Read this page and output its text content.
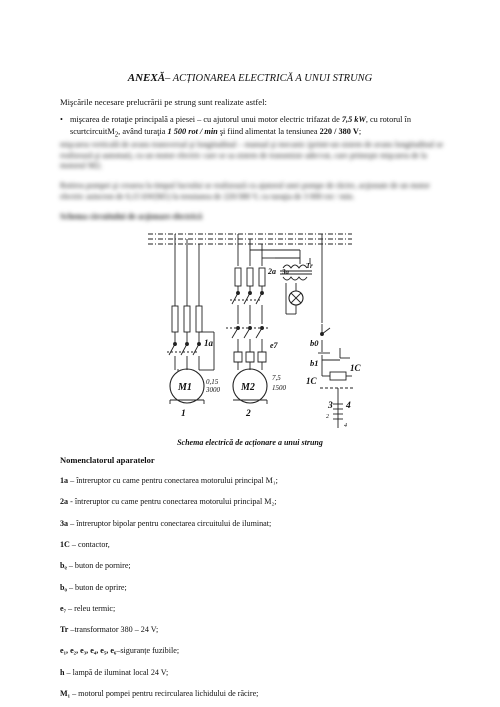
ANEXĂ– ACȚIONAREA ELECTRICĂ A UNUI STRUNG
Mişcările necesare prelucrării pe strung sunt realizate astfel:
• mişcarea de rotaţie principală a piesei – cu ajutorul unui motor electric trifazat de 7,5 kW, cu rotorul în scurtcircuitM$_2$, având turaţia 1 500 rot / min şi fiind alimentat la tensiunea 220 / 380 V;
mişcarea verticală de avans transversal şi longitudinal – manual şi mecanic (printr-un sistem de avans longitudinal se realizează şi automat), cu un motor electric care se sa sistem de transmisie adecvat, care primeşte mişcarea de la motorul M2;
Rotirea pompei şi crearea la timpul lucrului se realizează cu ajutorul unei pompe de răcire, acţionate de un motor electric asincron de 0,15 kW(M1) la tensiunea de 220/380 V, cu turaţia de 3 000 rot / min.
Schema circuitului de acţionare electrică
1a
2a 3a
Tr
e7	b0
b1	1C
1C
M1	M2
1	2
3 4
2
4
0,15
3000
7,5
1500
Schema electrică de acționare a unui strung
Nomenclatorul aparatelor
1a – întreruptor cu came pentru conectarea motorului principal M₁;
2a - întreruptor cu came pentru conectarea motorului principal M₂;
3a – întreruptor bipolar pentru conectarea circuitului de iluminat;
1C – contactor,
bᵨ – buton de pornire;
b₀ – buton de oprire;
e₇ – releu termic;
Tr –transformator 380 – 24 V;
e₁, e₂, e₃, e₄, e₅, e₆–siguranțe fuzibile;
h – lampă de iluminat local 24 V;
M₁ – motorul pompei pentru recircularea lichidului de răcire;
